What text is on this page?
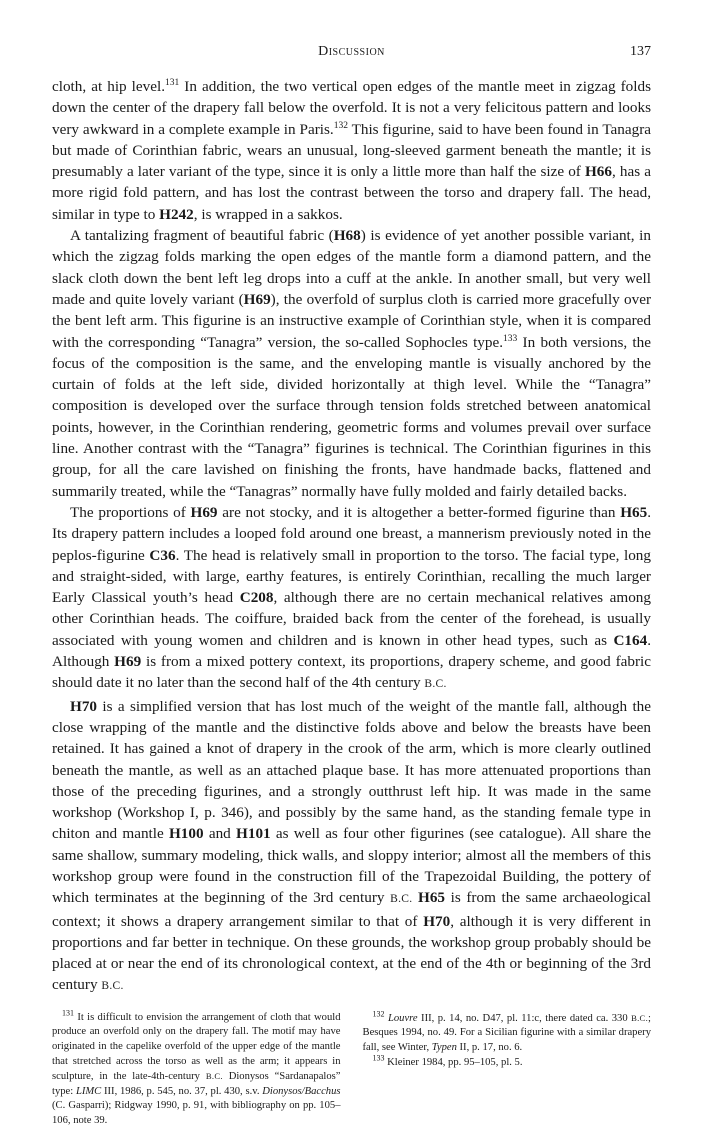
Discussion	137

cloth, at hip level.$^{131}$ In addition, the two vertical open edges of the mantle meet in zigzag folds down the center of the drapery fall below the overfold. It is not a very felicitous pattern and looks very awkward in a complete example in Paris.$^{132}$ This figurine, said to have been found in Tanagra but made of Corinthian fabric, wears an unusual, long-sleeved garment beneath the mantle; it is presumably a later variant of the type, since it is only a little more than half the size of H66, has a more rigid fold pattern, and has lost the contrast between the torso and drapery fall. The head, similar in type to H242, is wrapped in a sakkos.

A tantalizing fragment of beautiful fabric (H68) is evidence of yet another possible variant, in which the zigzag folds marking the open edges of the mantle form a diamond pattern, and the slack cloth down the bent left leg drops into a cuff at the ankle. In another small, but very well made and quite lovely variant (H69), the overfold of surplus cloth is carried more gracefully over the bent left arm. This figurine is an instructive example of Corinthian style, when it is compared with the corresponding “Tanagra” version, the so-called Sophocles type.$^{133}$ In both versions, the focus of the composition is the same, and the enveloping mantle is visually anchored by the curtain of folds at the left side, divided horizontally at thigh level. While the “Tanagra” composition is developed over the surface through tension folds stretched between anatomical points, however, in the Corinthian rendering, geometric forms and volumes prevail over surface line. Another contrast with the “Tanagra” figurines is technical. The Corinthian figurines in this group, for all the care lavished on finishing the fronts, have handmade backs, flattened and summarily treated, while the “Tanagras” normally have fully molded and fairly detailed backs.

The proportions of H69 are not stocky, and it is altogether a better-formed figurine than H65. Its drapery pattern includes a looped fold around one breast, a mannerism previously noted in the peplos-figurine C36. The head is relatively small in proportion to the torso. The facial type, long and straight-sided, with large, earthy features, is entirely Corinthian, recalling the much larger Early Classical youth’s head C208, although there are no certain mechanical relatives among other Corinthian heads. The coiffure, braided back from the center of the forehead, is usually associated with young women and children and is known in other head types, such as C164. Although H69 is from a mixed pottery context, its proportions, drapery scheme, and good fabric should date it no later than the second half of the 4th century B.C.

H70 is a simplified version that has lost much of the weight of the mantle fall, although the close wrapping of the mantle and the distinctive folds above and below the breasts have been retained. It has gained a knot of drapery in the crook of the arm, which is more clearly outlined beneath the mantle, as well as an attached plaque base. It has more attenuated proportions than those of the preceding figurines, and a strongly outthrust left hip. It was made in the same workshop (Workshop I, p. 346), and possibly by the same hand, as the standing female type in chiton and mantle H100 and H101 as well as four other figurines (see catalogue). All share the same shallow, summary modeling, thick walls, and sloppy interior; almost all the members of this workshop group were found in the construction fill of the Trapezoidal Building, the pottery of which terminates at the beginning of the 3rd century B.C. H65 is from the same archaeological context; it shows a drapery arrangement similar to that of H70, although it is very different in proportions and far better in technique. On these grounds, the workshop group probably should be placed at or near the end of its chronological context, at the end of the 4th or beginning of the 3rd century B.C.

$^{131}$ It is difficult to envision the arrangement of cloth that would produce an overfold only on the drapery fall. The motif may have originated in the capelike overfold of the upper edge of the mantle that stretched across the torso as well as the arm; it appears in sculpture, in the late-4th-century B.C. Dionysos “Sardanapalos” type: LIMC III, 1986, p. 545, no. 37, pl. 430, s.v. Dionysos/Bacchus (C. Gasparri); Ridgway 1990, p. 91, with bibliography on pp. 105–106, note 39.

$^{132}$ Louvre III, p. 14, no. D47, pl. 11:c, there dated ca. 330 B.C.; Besques 1994, no. 49. For a Sicilian figurine with a similar drapery fall, see Winter, Typen II, p. 17, no. 6.

$^{133}$ Kleiner 1984, pp. 95–105, pl. 5.
